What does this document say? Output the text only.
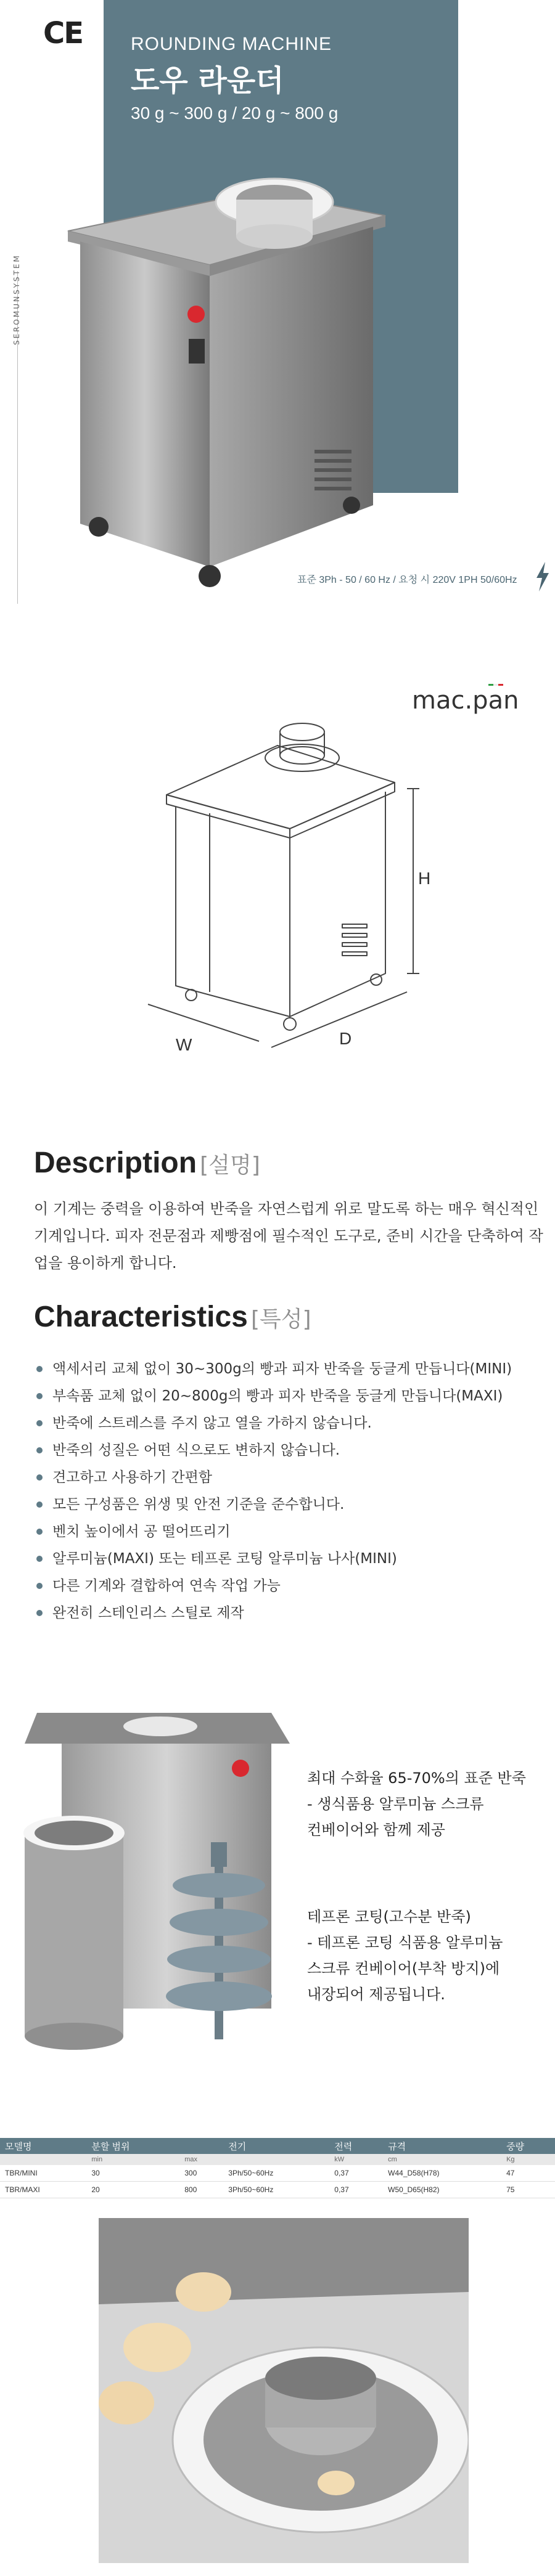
CE
SEROMUNSYSTEM
ROUNDING MACHINE
도우 라운더
30 g ~ 300 g / 20 g ~ 800 g
표준 3Ph - 50 / 60 Hz / 요청 시 220V 1PH 50/60Hz
mac.pan
H
W	D
Description [설명]
이 기계는 중력을 이용하여 반죽을 자연스럽게 위로 말도록 하는 매우 혁신적인 기계입니다. 피자 전문점과 제빵점에 필수적인 도구로, 준비 시간을 단축하여 작업을 용이하게 합니다.
Characteristics [특성]
액세서리 교체 없이 30~300g의 빵과 피자 반죽을 둥글게 만듭니다(MINI)
부속품 교체 없이 20~800g의 빵과 피자 반죽을 둥글게 만듭니다(MAXI)
반죽에 스트레스를 주지 않고 열을 가하지 않습니다.
반죽의 성질은 어떤 식으로도 변하지 않습니다.
견고하고 사용하기 간편함
모든 구성품은 위생 및 안전 기준을 준수합니다.
벤치 높이에서 공 떨어뜨리기
알루미늄(MAXI) 또는 테프론 코팅 알루미늄 나사(MINI)
다른 기계와 결합하여 연속 작업 가능
완전히 스테인리스 스틸로 제작
최대 수화율 65-70%의 표준 반죽
- 생식품용 알루미늄 스크류
컨베이어와 함께 제공
테프론 코팅(고수분 반죽)
- 테프론 코팅 식품용 알루미늄
스크류 컨베이어(부착 방지)에
내장되어 제공됩니다.
모델명	분할 범위		전기	전력	규격	중량
	min	max		kW	cm	Kg
TBR/MINI	30	300	3Ph/50~60Hz	0,37	W44_D58(H78)	47
TBR/MAXI	20	800	3Ph/50~60Hz	0,37	W50_D65(H82)	75
